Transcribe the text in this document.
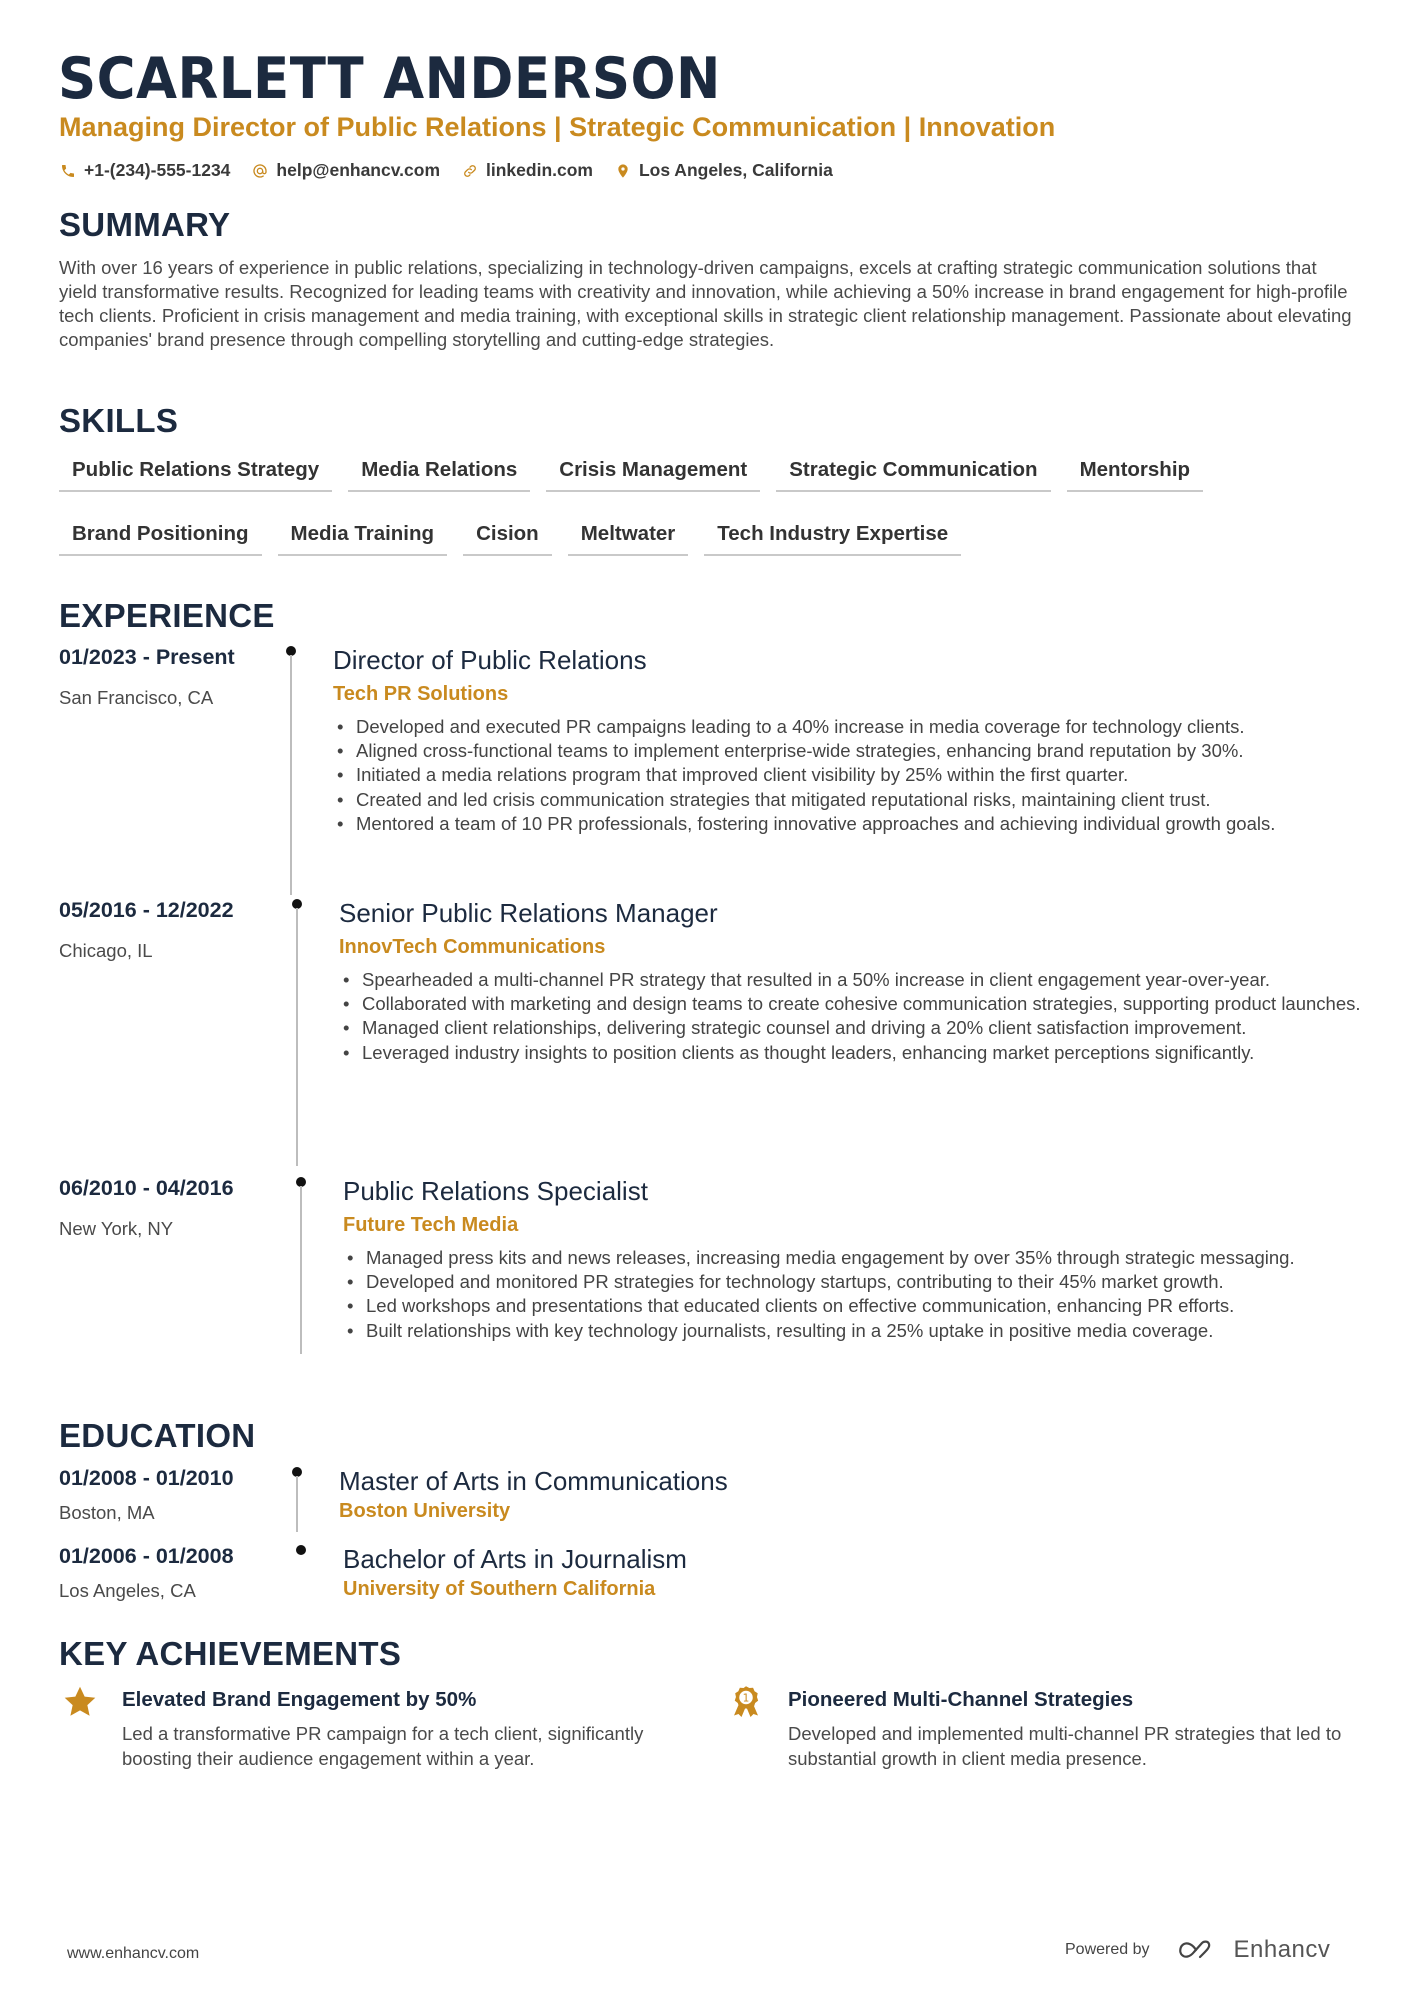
SCARLETT ANDERSON
Managing Director of Public Relations | Strategic Communication | Innovation
+1-(234)-555-1234	help@enhancv.com	linkedin.com	Los Angeles, California
SUMMARY
With over 16 years of experience in public relations, specializing in technology-driven campaigns, excels at crafting strategic communication solutions that yield transformative results. Recognized for leading teams with creativity and innovation, while achieving a 50% increase in brand engagement for high-profile tech clients. Proficient in crisis management and media training, with exceptional skills in strategic client relationship management. Passionate about elevating companies' brand presence through compelling storytelling and cutting-edge strategies.
SKILLS
Public Relations Strategy	Media Relations	Crisis Management	Strategic Communication	Mentorship
Brand Positioning	Media Training	Cision	Meltwater	Tech Industry Expertise
EXPERIENCE
01/2023 - Present
San Francisco, CA
Director of Public Relations
Tech PR Solutions
• Developed and executed PR campaigns leading to a 40% increase in media coverage for technology clients.
• Aligned cross-functional teams to implement enterprise-wide strategies, enhancing brand reputation by 30%.
• Initiated a media relations program that improved client visibility by 25% within the first quarter.
• Created and led crisis communication strategies that mitigated reputational risks, maintaining client trust.
• Mentored a team of 10 PR professionals, fostering innovative approaches and achieving individual growth goals.
05/2016 - 12/2022
Chicago, IL
Senior Public Relations Manager
InnovTech Communications
• Spearheaded a multi-channel PR strategy that resulted in a 50% increase in client engagement year-over-year.
• Collaborated with marketing and design teams to create cohesive communication strategies, supporting product launches.
• Managed client relationships, delivering strategic counsel and driving a 20% client satisfaction improvement.
• Leveraged industry insights to position clients as thought leaders, enhancing market perceptions significantly.
06/2010 - 04/2016
New York, NY
Public Relations Specialist
Future Tech Media
• Managed press kits and news releases, increasing media engagement by over 35% through strategic messaging.
• Developed and monitored PR strategies for technology startups, contributing to their 45% market growth.
• Led workshops and presentations that educated clients on effective communication, enhancing PR efforts.
• Built relationships with key technology journalists, resulting in a 25% uptake in positive media coverage.
EDUCATION
01/2008 - 01/2010
Boston, MA
Master of Arts in Communications
Boston University
01/2006 - 01/2008
Los Angeles, CA
Bachelor of Arts in Journalism
University of Southern California
KEY ACHIEVEMENTS
Elevated Brand Engagement by 50%
Led a transformative PR campaign for a tech client, significantly boosting their audience engagement within a year.
1 Pioneered Multi-Channel Strategies
Developed and implemented multi-channel PR strategies that led to substantial growth in client media presence.
www.enhancv.com	Powered by	Enhancv
